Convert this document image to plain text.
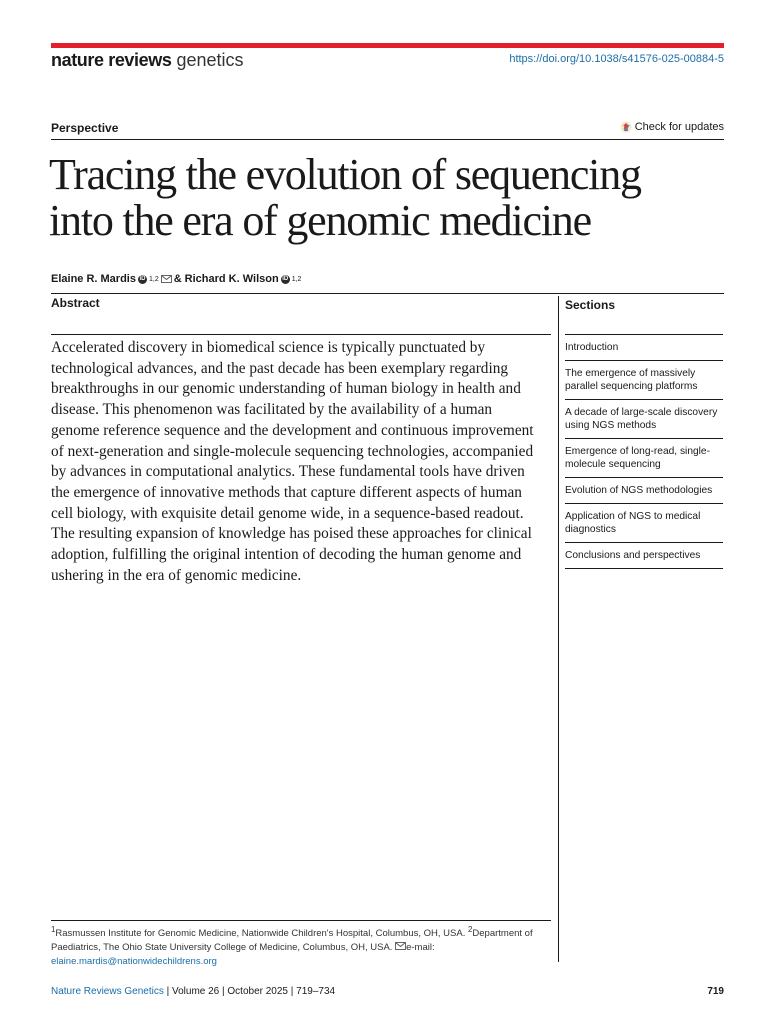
nature reviews genetics	https://doi.org/10.1038/s41576-025-00884-5
Perspective	Check for updates
Tracing the evolution of sequencing
into the era of genomic medicine
Elaine R. Mardis iD 1,2 & Richard K. Wilson iD 1,2
Abstract

Accelerated discovery in biomedical science is typically punctuated by technological advances, and the past decade has been exemplary regarding breakthroughs in our genomic understanding of human biology in health and disease. This phenomenon was facilitated by the availability of a human genome reference sequence and the development and continuous improvement of next-generation and single-molecule sequencing technologies, accompanied by advances in computational analytics. These fundamental tools have driven the emergence of innovative methods that capture different aspects of human cell biology, with exquisite detail genome wide, in a sequence-based readout. The resulting expansion of knowledge has poised these approaches for clinical adoption, fulfilling the original intention of decoding the human genome and ushering in the era of genomic medicine.

Sections
Introduction
The emergence of massively parallel sequencing platforms
A decade of large-scale discovery using NGS methods
Emergence of long-read, single-molecule sequencing
Evolution of NGS methodologies
Application of NGS to medical diagnostics
Conclusions and perspectives
$^1$Rasmussen Institute for Genomic Medicine, Nationwide Children's Hospital, Columbus, OH, USA. $^2$Department of Paediatrics, The Ohio State University College of Medicine, Columbus, OH, USA. e-mail: elaine.mardis@nationwidechildrens.org
Nature Reviews Genetics | Volume 26 | October 2025 | 719–734	719
